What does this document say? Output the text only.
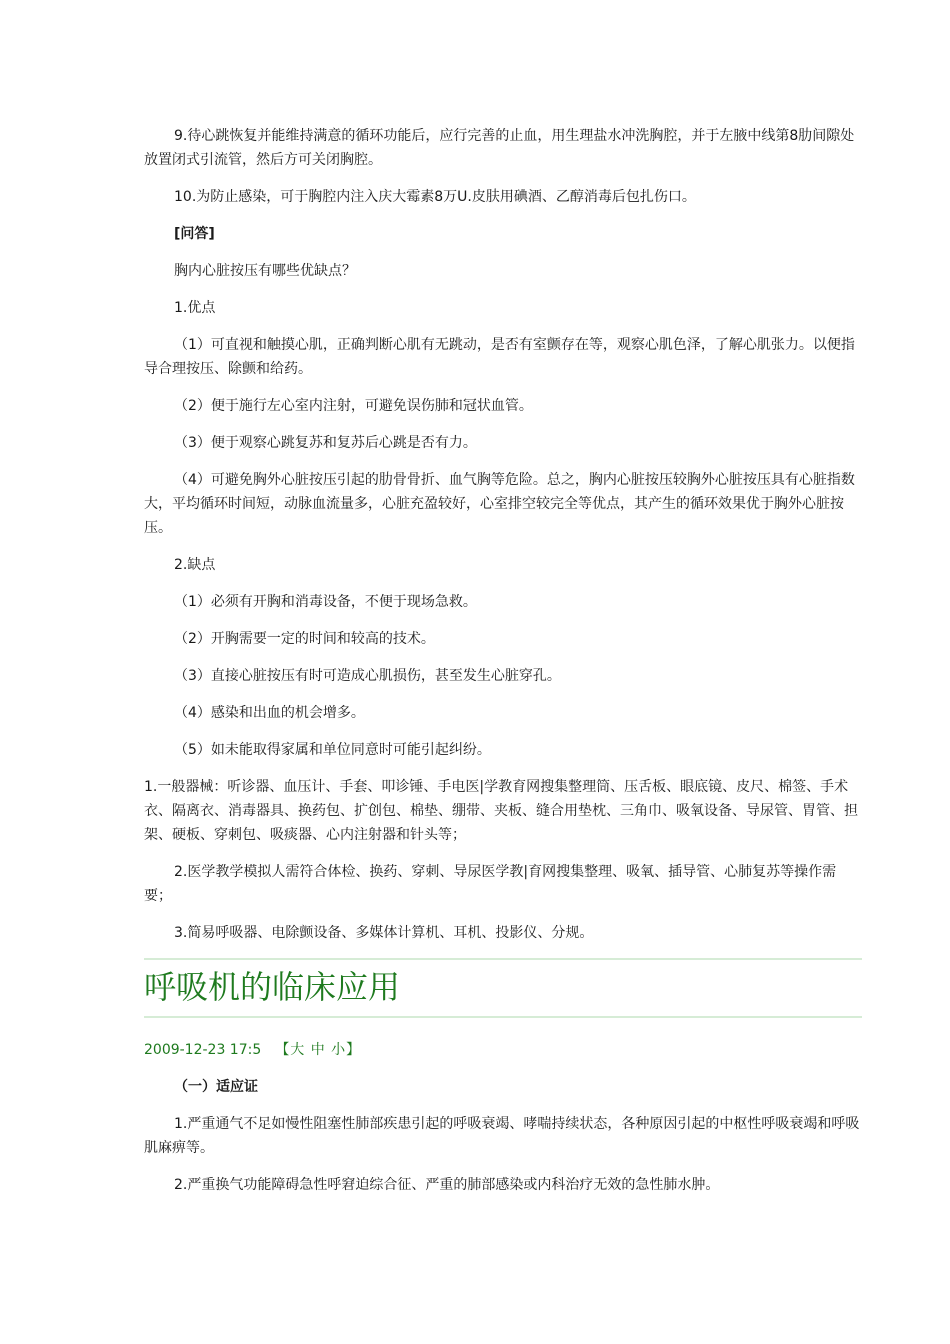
9.待心跳恢复并能维持满意的循环功能后，应行完善的止血，用生理盐水冲洗胸腔，并于左腋中线第8肋间隙处放置闭式引流管，然后方可关闭胸腔。

10.为防止感染，可于胸腔内注入庆大霉素8万U.皮肤用碘酒、乙醇消毒后包扎伤口。

[问答]

胸内心脏按压有哪些优缺点？

1.优点

（1）可直视和触摸心肌，正确判断心肌有无跳动，是否有室颤存在等，观察心肌色泽，了解心肌张力。以便指导合理按压、除颤和给药。

（2）便于施行左心室内注射，可避免误伤肺和冠状血管。

（3）便于观察心跳复苏和复苏后心跳是否有力。

（4）可避免胸外心脏按压引起的肋骨骨折、血气胸等危险。总之，胸内心脏按压较胸外心脏按压具有心脏指数大，平均循环时间短，动脉血流量多，心脏充盈较好，心室排空较完全等优点，其产生的循环效果优于胸外心脏按压。

2.缺点

（1）必须有开胸和消毒设备，不便于现场急救。

（2）开胸需要一定的时间和较高的技术。

（3）直接心脏按压有时可造成心肌损伤，甚至发生心脏穿孔。

（4）感染和出血的机会增多。

（5）如未能取得家属和单位同意时可能引起纠纷。

1.一般器械：听诊器、血压计、手套、叩诊锤、手电医|学教育网搜集整理筒、压舌板、眼底镜、皮尺、棉签、手术衣、隔离衣、消毒器具、换药包、扩创包、棉垫、绷带、夹板、缝合用垫枕、三角巾、吸氧设备、导尿管、胃管、担架、硬板、穿刺包、吸痰器、心内注射器和针头等；

2.医学教学模拟人需符合体检、换药、穿刺、导尿医学教|育网搜集整理、吸氧、插导管、心肺复苏等操作需要；

3.简易呼吸器、电除颤设备、多媒体计算机、耳机、投影仪、分规。

呼吸机的临床应用

2009-12-23 17:5 【大 中 小】

（一）适应证

1.严重通气不足如慢性阻塞性肺部疾患引起的呼吸衰竭、哮喘持续状态，各种原因引起的中枢性呼吸衰竭和呼吸肌麻痹等。

2.严重换气功能障碍急性呼窘迫综合征、严重的肺部感染或内科治疗无效的急性肺水肿。
